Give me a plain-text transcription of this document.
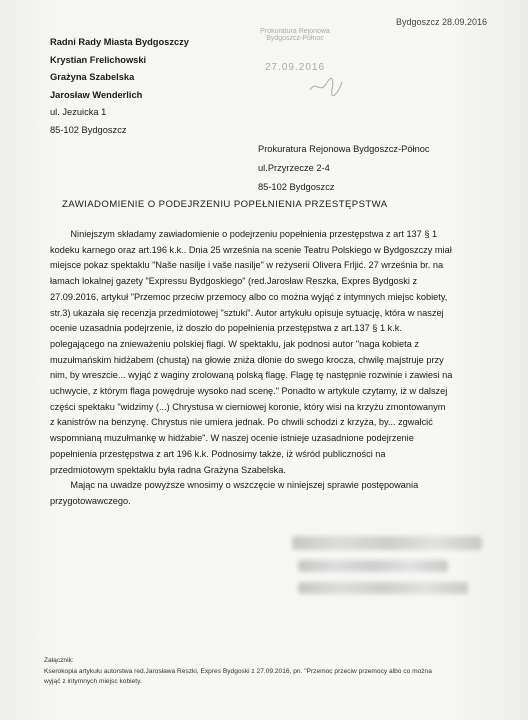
Bydgoszcz 28.09.2016
Prokuratura Rejonowa Bydgoszcz-Północ
27.09.2016
Radni Rady Miasta Bydgoszczy
Krystian Frelichowski
Grażyna Szabelska
Jarosław Wenderlich
ul. Jezuicka 1
85-102 Bydgoszcz
Prokuratura Rejonowa Bydgoszcz-Północ
ul.Przyrzecze 2-4
85-102 Bydgoszcz
ZAWIADOMIENIE O PODEJRZENIU POPEŁNIENIA PRZESTĘPSTWA
Niniejszym składamy zawiadomienie o podejrzeniu popełnienia przestępstwa z art 137 § 1
kodeku karnego oraz art.196 k.k.. Dnia 25 września na scenie Teatru Polskiego w Bydgoszczy miał
miejsce pokaz spektaklu "Naše nasilje i vaše nasilje" w reżyserii Olivera Frljić. 27 września br. na
łamach lokalnej gazety "Expressu Bydgoskiego" (red.Jarosław Reszka, Expres Bydgoski z
27.09.2016, artykuł "Przemoc przeciw przemocy albo co można wyjąć z intymnych miejsc kobiety,
str.3) ukazała się recenzja przedmiotowej "sztuki". Autor artykułu opisuje sytuację, która w naszej
ocenie uzasadnia podejrzenie, iż doszło do popełnienia przestępstwa z art.137 § 1 k.k.
polegającego na znieważeniu polskiej flagi. W spektaklu, jak podnosi autor "naga kobieta z
muzułmańskim hidżabem (chustą) na głowie zniża dłonie do swego krocza, chwilę majstruje przy
nim, by wreszcie... wyjąć z waginy zrolowaną polską flagę. Flagę tę następnie rozwinie i zawiesi na
uchwycie, z którym flaga powędruje wysoko nad scenę." Ponadto w artykule czytamy, iż w dalszej
części spektaku "widzimy (...) Chrystusa w cierniowej koronie, który wisi na krzyżu zmontowanym
z kanistrów na benzynę. Chrystus nie umiera jednak. Po chwili schodzi z krzyża, by... zgwałcić
wspomnianą muzułmankę w hidżabie". W naszej ocenie istnieje uzasadnione podejrzenie
popełnienia przestępstwa z art 196 k.k. Podnosimy także, iż wśród publiczności na
przedmiotowym spektaklu była radna Grażyna Szabelska.
Mając na uwadze powyższe wnosimy o wszczęcie w niniejszej sprawie postępowania
przygotowawczego.
Załącznik:
Kserokopia artykułu autorstwa red.Jarosława Reszki, Expres Bydgoski z 27.09.2016, pn. "Przemoc przeciw przemocy albo co można
wyjąć z intymnych miejsc kobiety.
